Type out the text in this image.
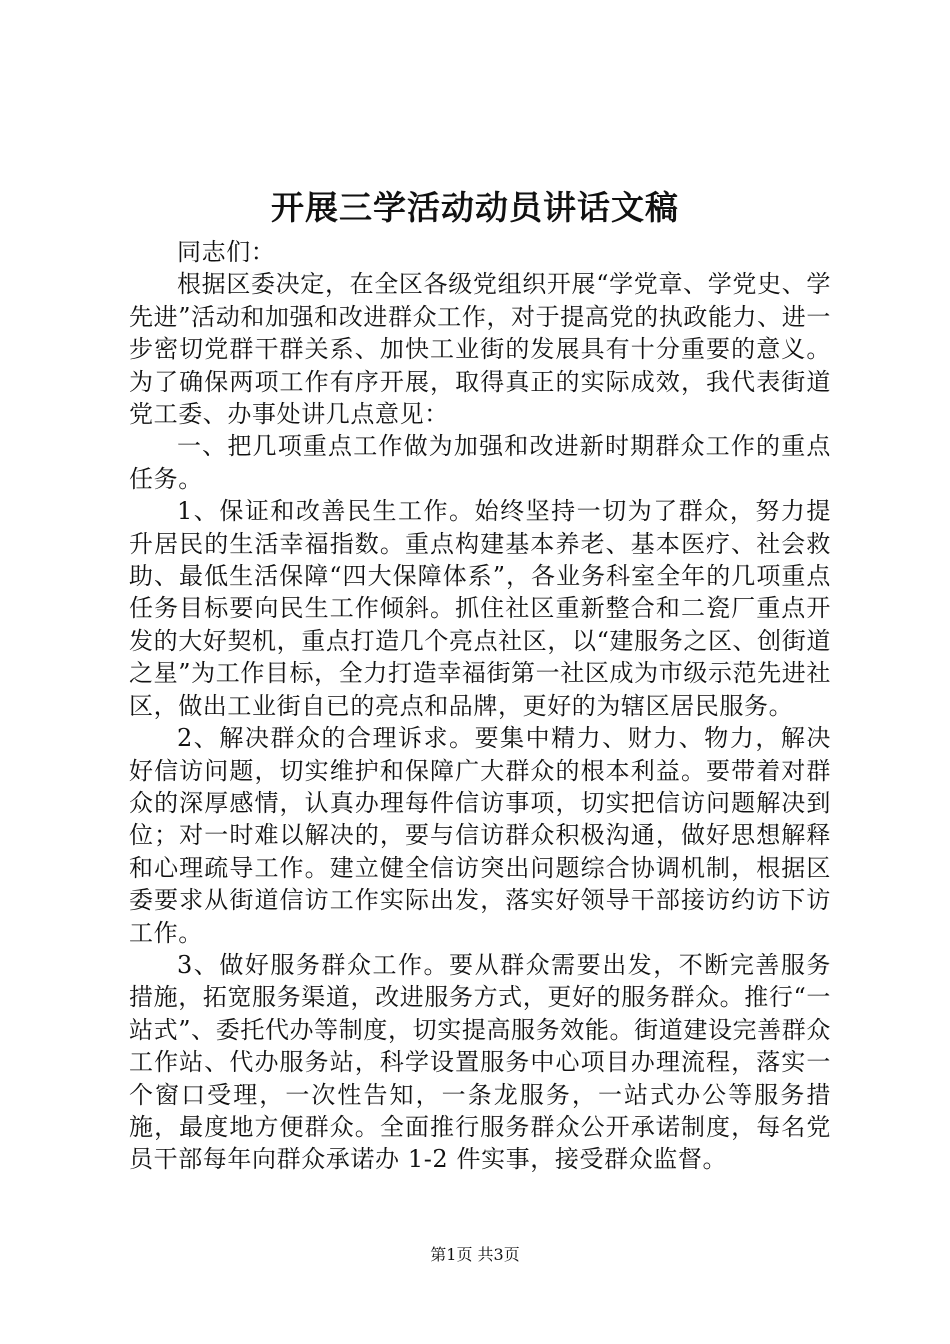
开展三学活动动员讲话文稿

同志们：

根据区委决定，在全区各级党组织开展“学党章、学党史、学先进”活动和加强和改进群众工作，对于提高党的执政能力、进一步密切党群干群关系、加快工业街的发展具有十分重要的意义。为了确保两项工作有序开展，取得真正的实际成效，我代表街道党工委、办事处讲几点意见：

一、把几项重点工作做为加强和改进新时期群众工作的重点任务。

1、保证和改善民生工作。始终坚持一切为了群众，努力提升居民的生活幸福指数。重点构建基本养老、基本医疗、社会救助、最低生活保障“四大保障体系”，各业务科室全年的几项重点任务目标要向民生工作倾斜。抓住社区重新整合和二瓷厂重点开发的大好契机，重点打造几个亮点社区，以“建服务之区、创街道之星”为工作目标，全力打造幸福街第一社区成为市级示范先进社区，做出工业街自已的亮点和品牌，更好的为辖区居民服务。

2、解决群众的合理诉求。要集中精力、财力、物力，解决好信访问题，切实维护和保障广大群众的根本利益。要带着对群众的深厚感情，认真办理每件信访事项，切实把信访问题解决到位；对一时难以解决的，要与信访群众积极沟通，做好思想解释和心理疏导工作。建立健全信访突出问题综合协调机制，根据区委要求从街道信访工作实际出发，落实好领导干部接访约访下访工作。

3、做好服务群众工作。要从群众需要出发，不断完善服务措施，拓宽服务渠道，改进服务方式，更好的服务群众。推行“一站式”、委托代办等制度，切实提高服务效能。街道建设完善群众工作站、代办服务站，科学设置服务中心项目办理流程，落实一个窗口受理，一次性告知，一条龙服务，一站式办公等服务措施，最度地方便群众。全面推行服务群众公开承诺制度，每名党员干部每年向群众承诺办 1-2 件实事，接受群众监督。

第1页 共3页
